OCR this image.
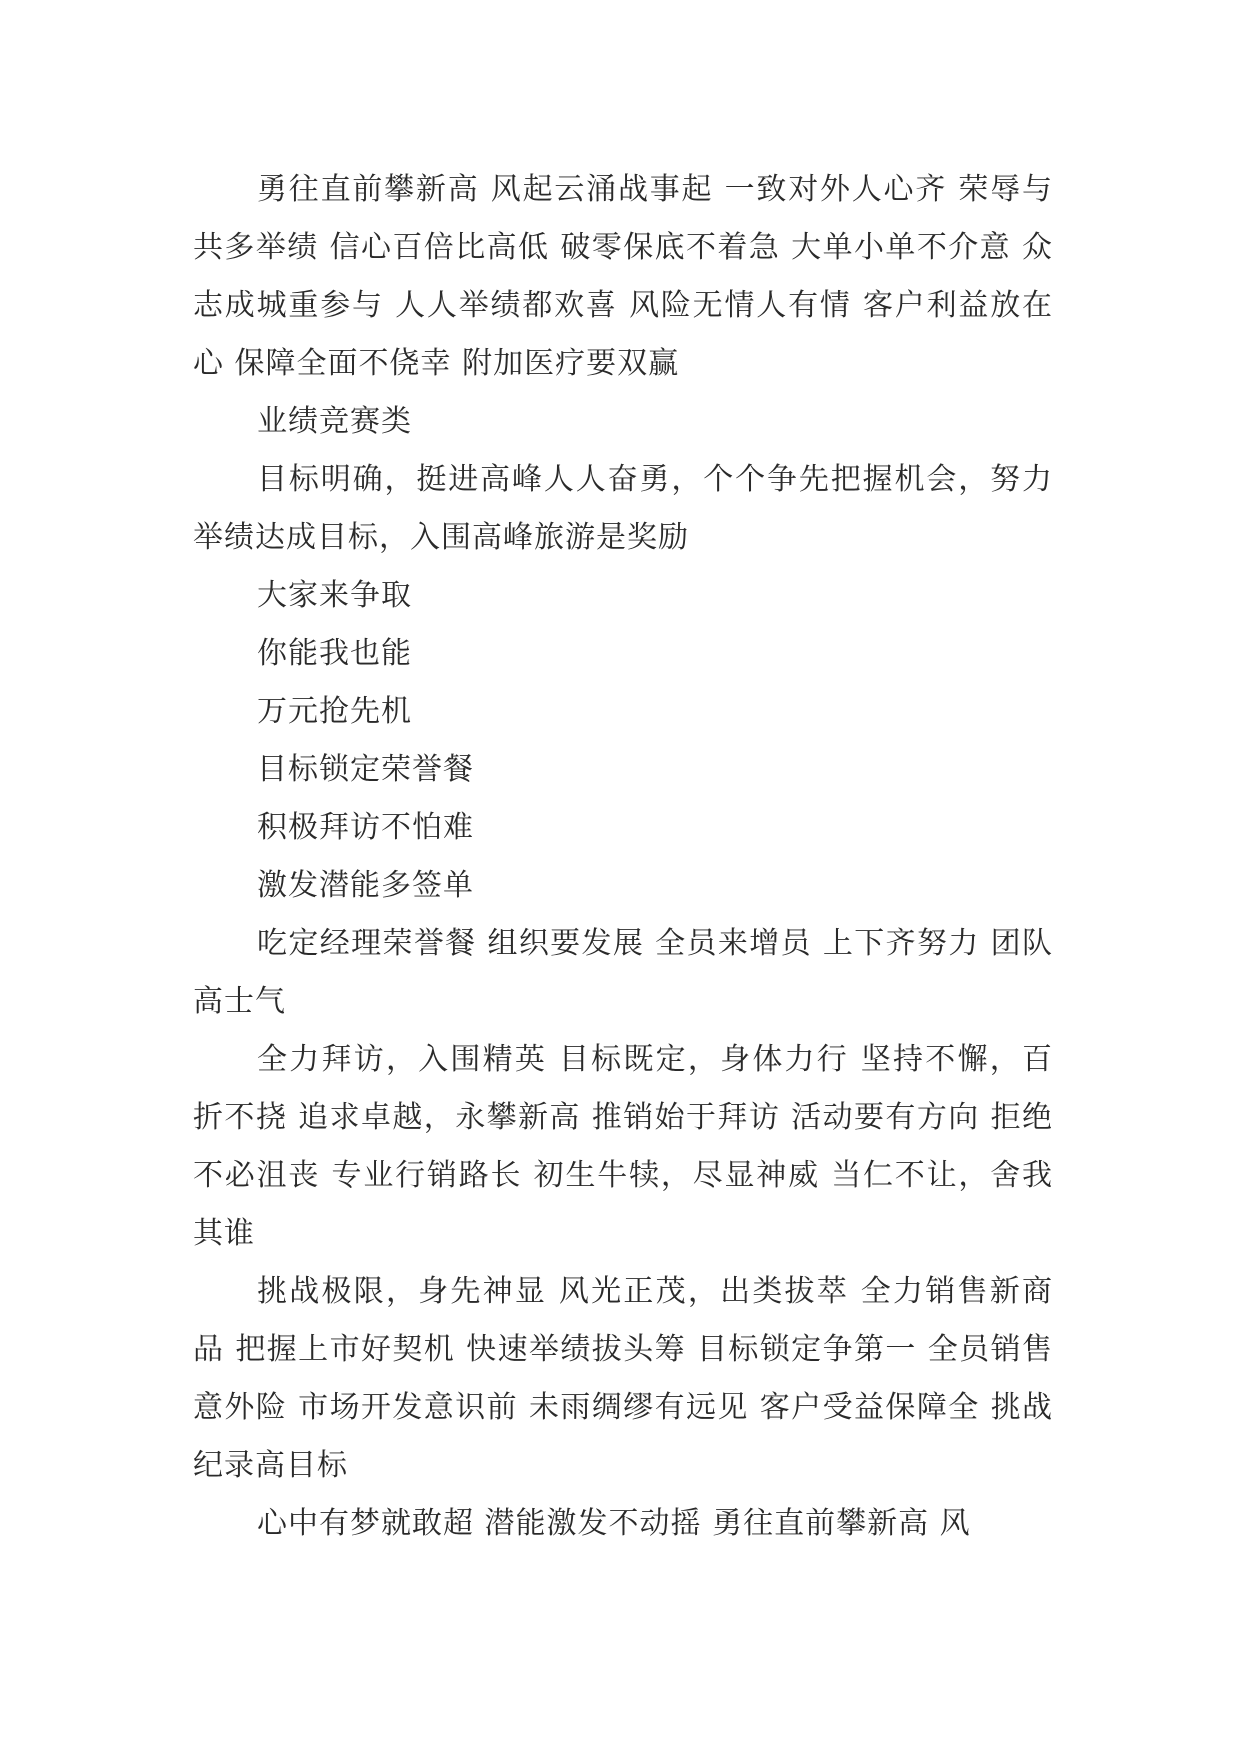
勇往直前攀新高 风起云涌战事起 一致对外人心齐 荣辱与共多举绩 信心百倍比高低 破零保底不着急 大单小单不介意 众志成城重参与 人人举绩都欢喜 风险无情人有情 客户利益放在心 保障全面不侥幸 附加医疗要双赢

业绩竞赛类

目标明确，挺进高峰人人奋勇，个个争先把握机会，努力举绩达成目标，入围高峰旅游是奖励

大家来争取

你能我也能

万元抢先机

目标锁定荣誉餐

积极拜访不怕难

激发潜能多签单

吃定经理荣誉餐 组织要发展 全员来增员 上下齐努力 团队高士气

全力拜访，入围精英 目标既定，身体力行 坚持不懈，百折不挠 追求卓越，永攀新高 推销始于拜访 活动要有方向 拒绝不必沮丧 专业行销路长 初生牛犊，尽显神威 当仁不让，舍我其谁

挑战极限，身先神显 风光正茂，出类拔萃 全力销售新商品 把握上市好契机 快速举绩拔头筹 目标锁定争第一 全员销售意外险 市场开发意识前 未雨绸缪有远见 客户受益保障全 挑战纪录高目标

心中有梦就敢超 潜能激发不动摇 勇往直前攀新高 风
